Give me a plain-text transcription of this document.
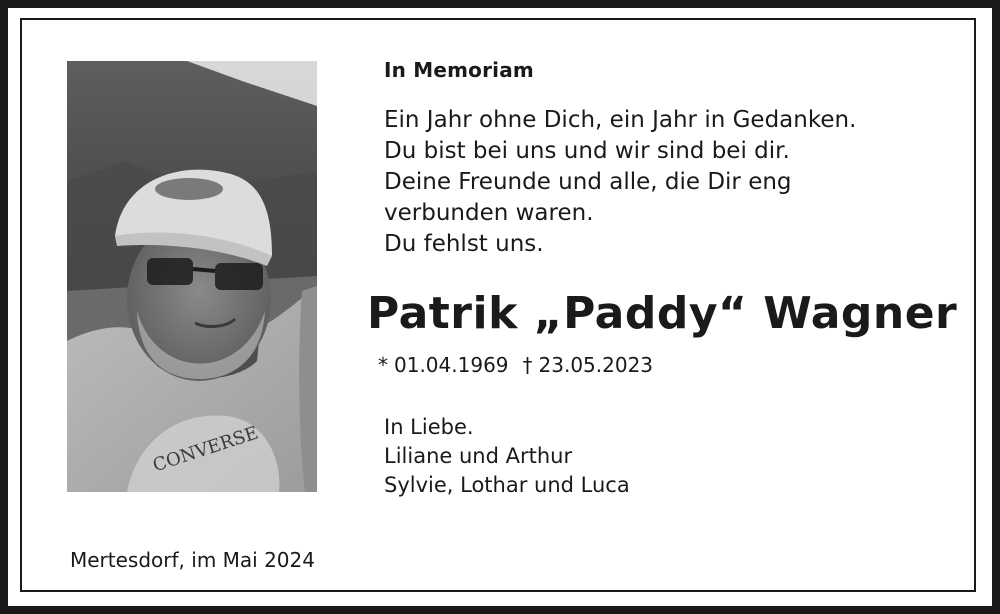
CONVERSE
In Memoriam
Ein Jahr ohne Dich, ein Jahr in Gedanken.
Du bist bei uns und wir sind bei dir.
Deine Freunde und alle, die Dir eng
verbunden waren.
Du fehlst uns.
Patrik „Paddy“ Wagner
* 01.04.1969 † 23.05.2023
In Liebe.
Liliane und Arthur
Sylvie, Lothar und Luca
Mertesdorf, im Mai 2024
